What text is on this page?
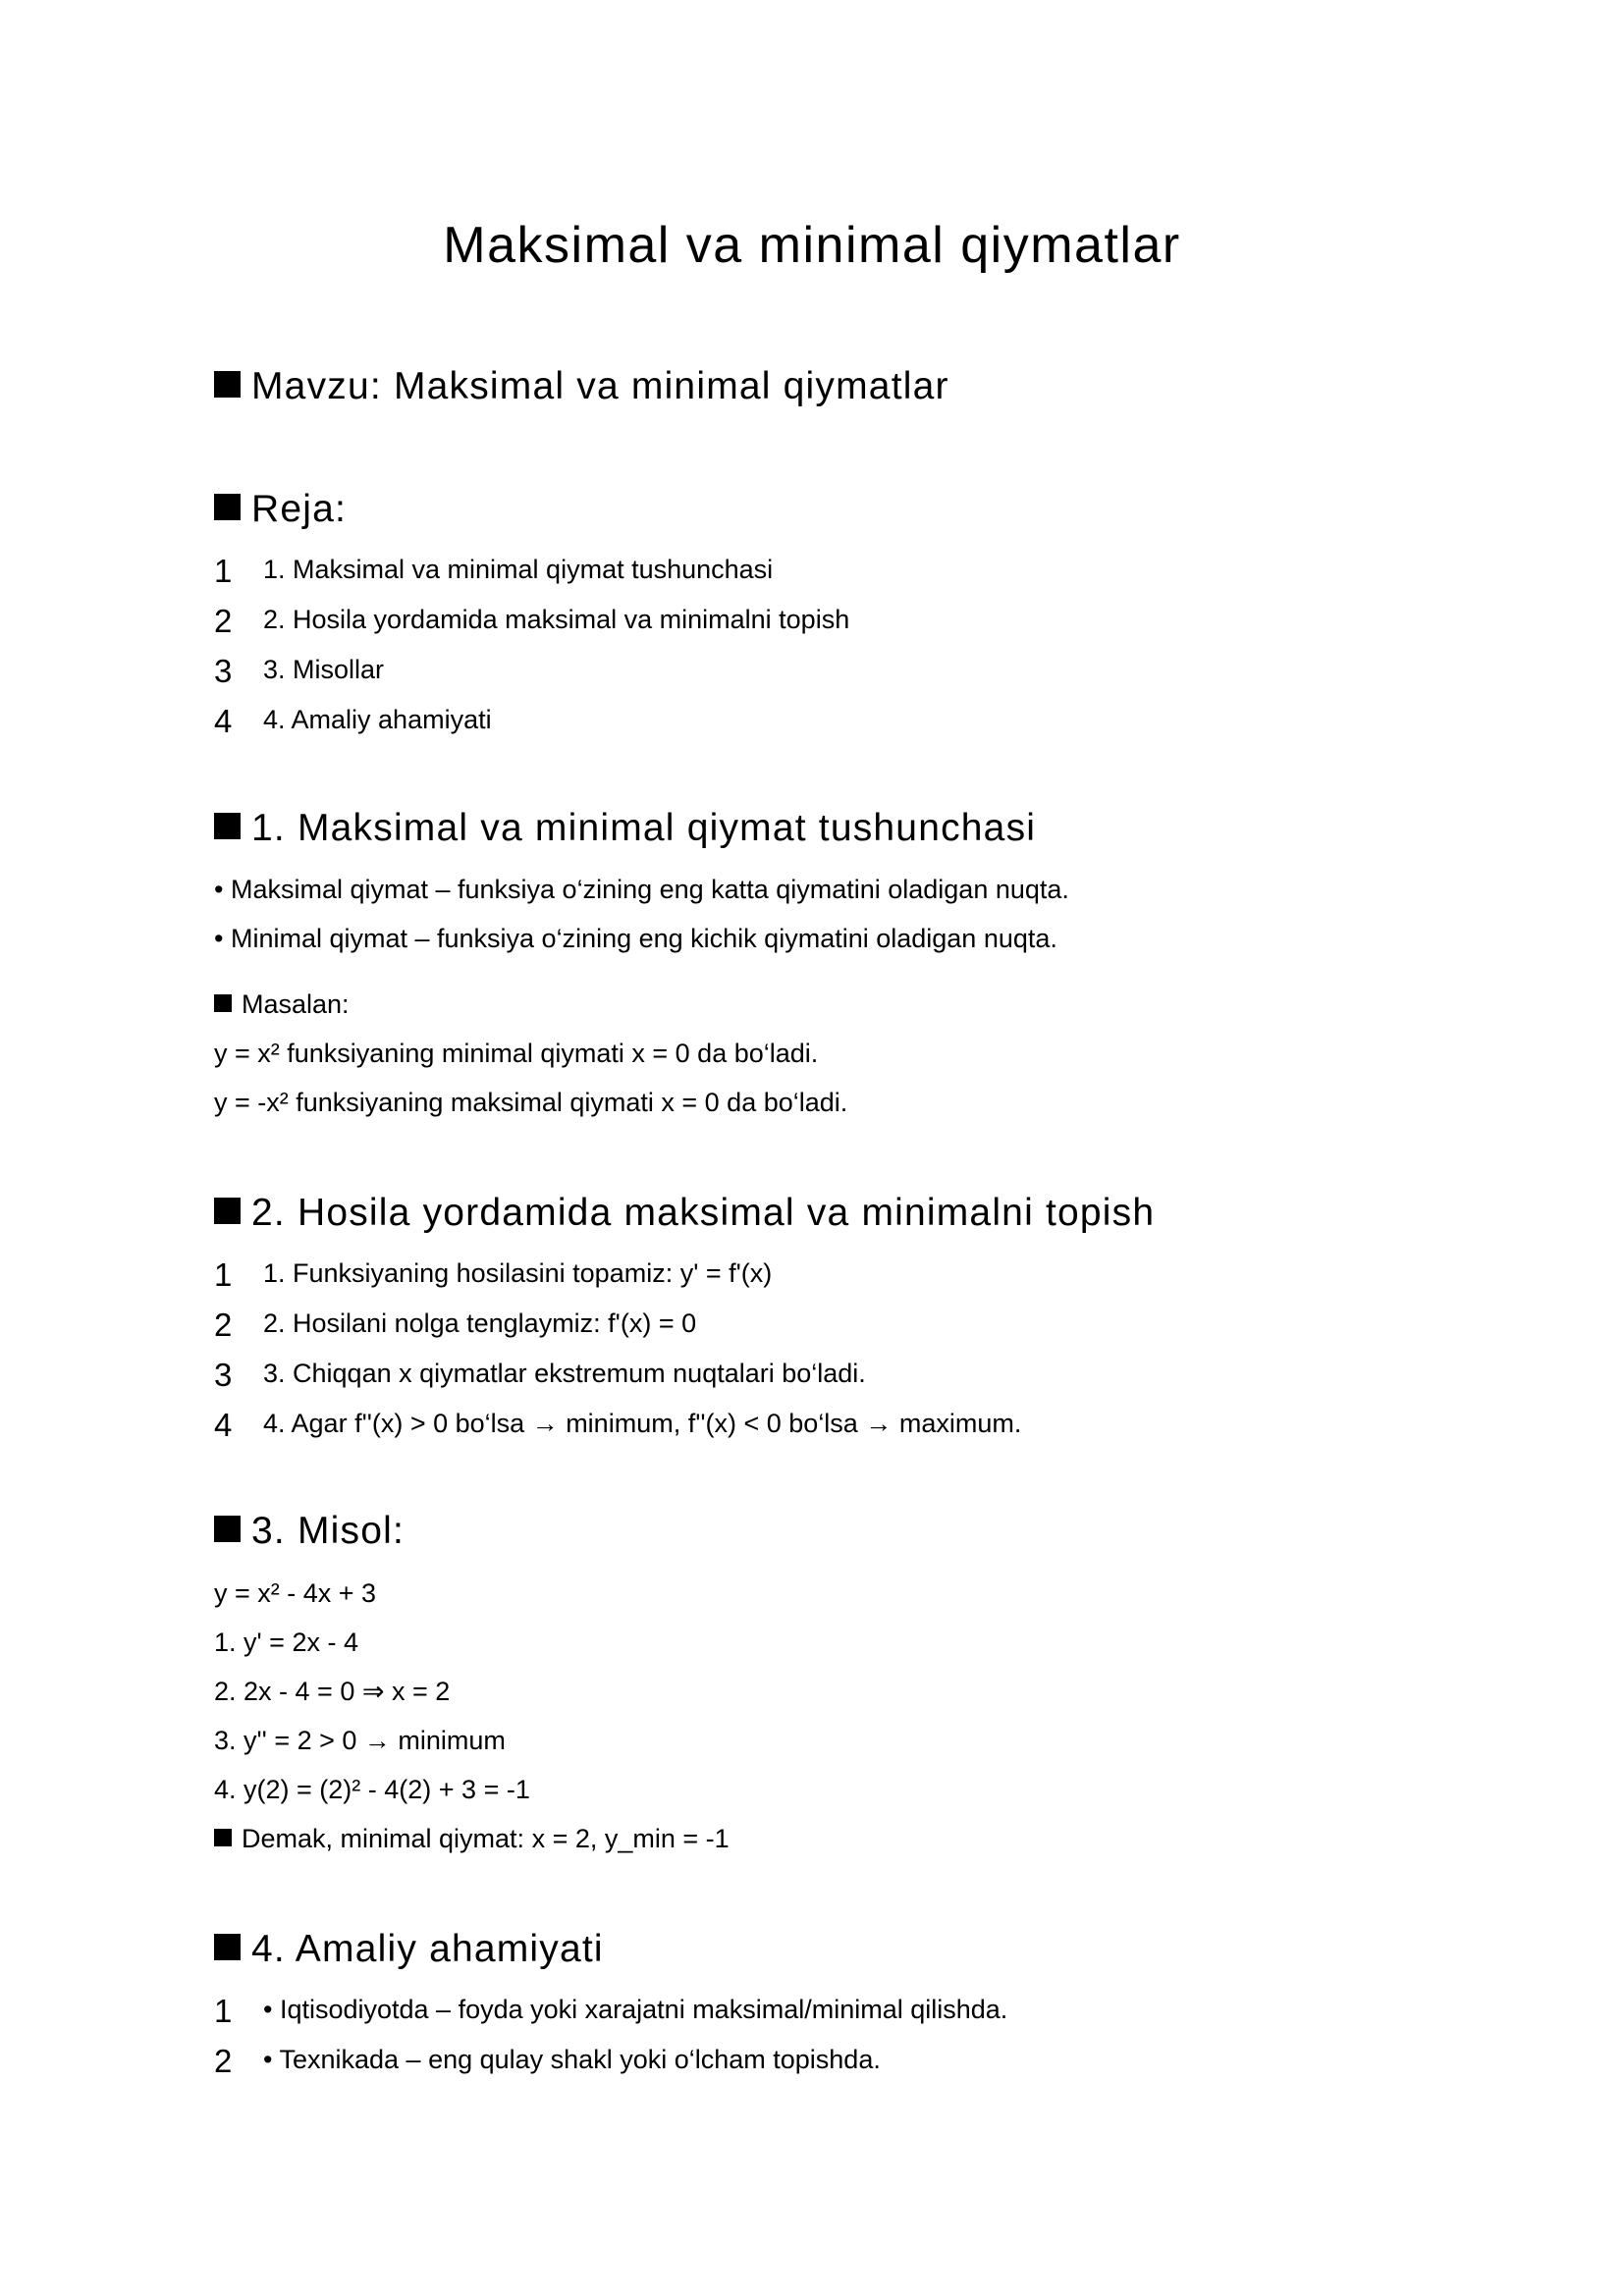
Maksimal va minimal qiymatlar
Mavzu: Maksimal va minimal qiymatlar
Reja:
1 1. Maksimal va minimal qiymat tushunchasi
2 2. Hosila yordamida maksimal va minimalni topish
3 3. Misollar
4 4. Amaliy ahamiyati
1. Maksimal va minimal qiymat tushunchasi
• Maksimal qiymat – funksiya o‘zining eng katta qiymatini oladigan nuqta.
• Minimal qiymat – funksiya o‘zining eng kichik qiymatini oladigan nuqta.
Masalan:
y = x² funksiyaning minimal qiymati x = 0 da bo‘ladi.
y = -x² funksiyaning maksimal qiymati x = 0 da bo‘ladi.
2. Hosila yordamida maksimal va minimalni topish
1 1. Funksiyaning hosilasini topamiz: y' = f'(x)
2 2. Hosilani nolga tenglaymiz: f'(x) = 0
3 3. Chiqqan x qiymatlar ekstremum nuqtalari bo‘ladi.
4 4. Agar f''(x) > 0 bo‘lsa → minimum, f''(x) < 0 bo‘lsa → maximum.
3. Misol:
y = x² - 4x + 3
1. y' = 2x - 4
2. 2x - 4 = 0 ⇒ x = 2
3. y'' = 2 > 0 → minimum
4. y(2) = (2)² - 4(2) + 3 = -1
Demak, minimal qiymat: x = 2, y_min = -1
4. Amaliy ahamiyati
1 • Iqtisodiyotda – foyda yoki xarajatni maksimal/minimal qilishda.
2 • Texnikada – eng qulay shakl yoki o‘lcham topishda.
